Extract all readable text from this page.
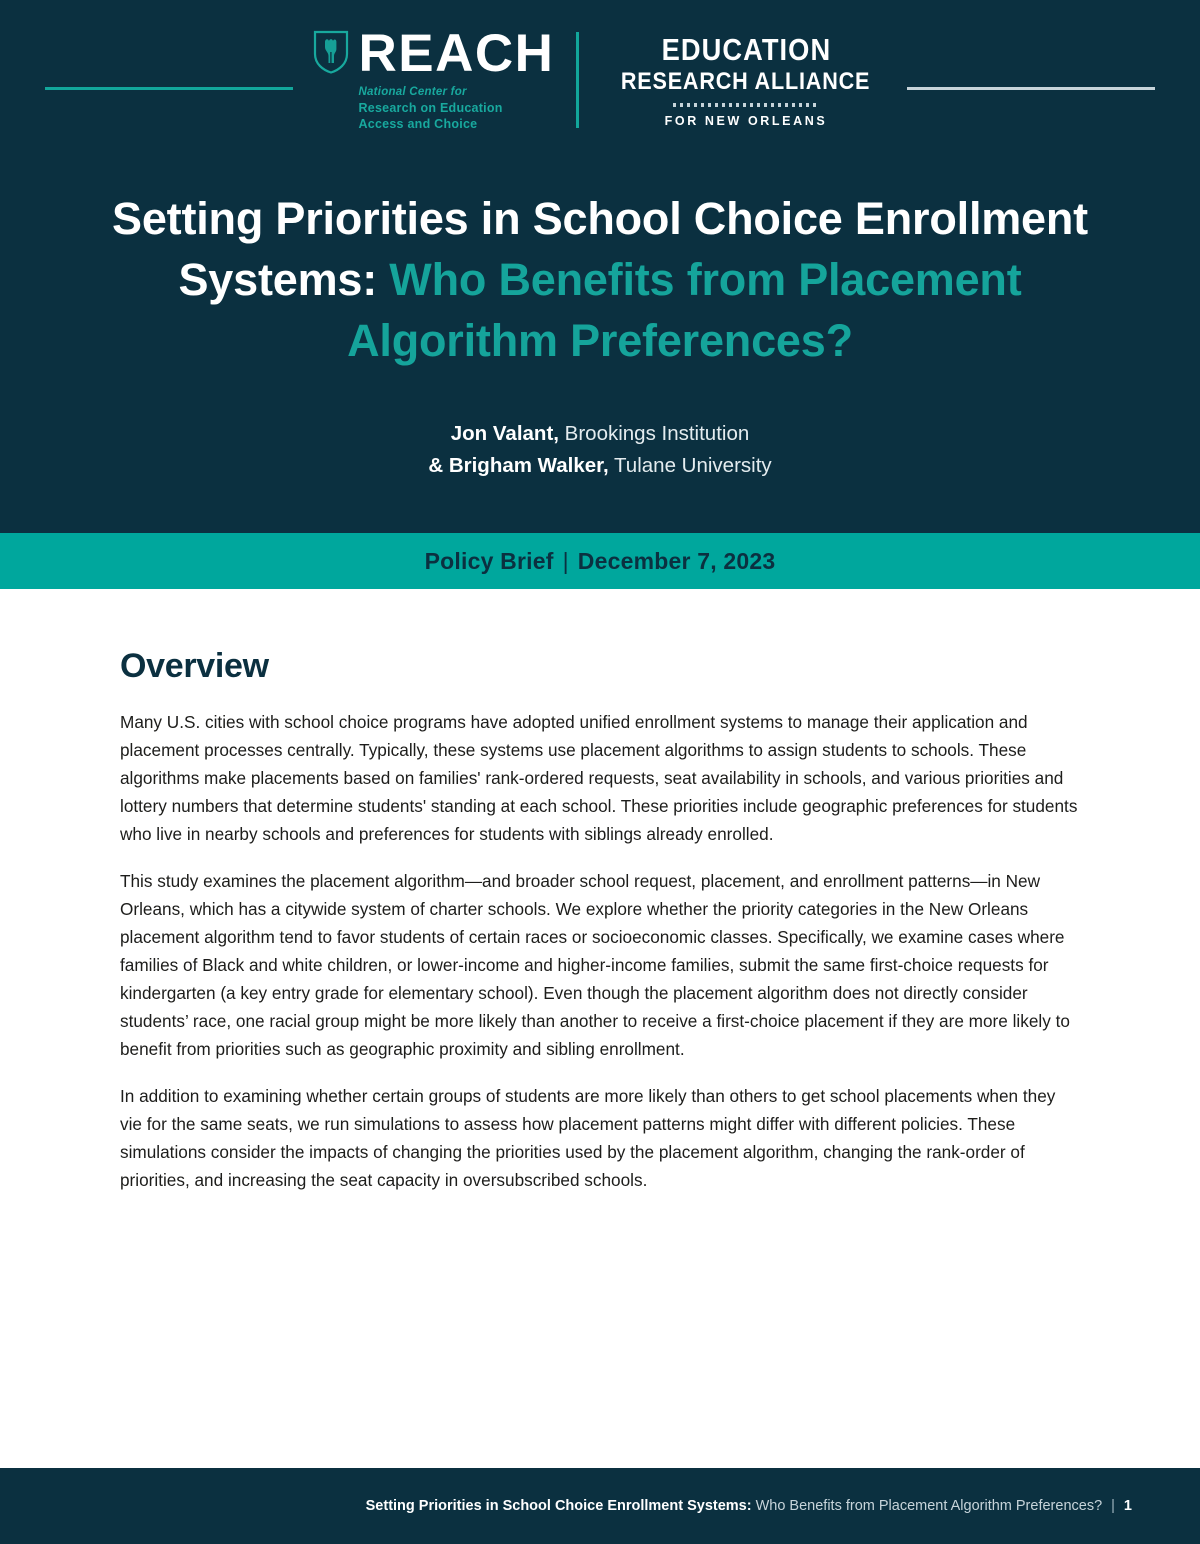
REACH
National Center for
Research on Education
Access and Choice
EDUCATION
RESEARCH ALLIANCE
FOR NEW ORLEANS
Setting Priorities in School Choice Enrollment Systems: Who Benefits from Placement Algorithm Preferences?
Jon Valant, Brookings Institution
& Brigham Walker, Tulane University
Policy Brief | December 7, 2023
Overview

Many U.S. cities with school choice programs have adopted unified enrollment systems to manage their application and placement processes centrally. Typically, these systems use placement algorithms to assign students to schools. These algorithms make placements based on families' rank-ordered requests, seat availability in schools, and various priorities and lottery numbers that determine students' standing at each school. These priorities include geographic preferences for students who live in nearby schools and preferences for students with siblings already enrolled.

This study examines the placement algorithm—and broader school request, placement, and enrollment patterns—in New Orleans, which has a citywide system of charter schools. We explore whether the priority categories in the New Orleans placement algorithm tend to favor students of certain races or socioeconomic classes. Specifically, we examine cases where families of Black and white children, or lower-income and higher-income families, submit the same first-choice requests for kindergarten (a key entry grade for elementary school). Even though the placement algorithm does not directly consider students’ race, one racial group might be more likely than another to receive a first-choice placement if they are more likely to benefit from priorities such as geographic proximity and sibling enrollment.

In addition to examining whether certain groups of students are more likely than others to get school placements when they vie for the same seats, we run simulations to assess how placement patterns might differ with different policies. These simulations consider the impacts of changing the priorities used by the placement algorithm, changing the rank-order of priorities, and increasing the seat capacity in oversubscribed schools.

Setting Priorities in School Choice Enrollment Systems: Who Benefits from Placement Algorithm Preferences? | 1
